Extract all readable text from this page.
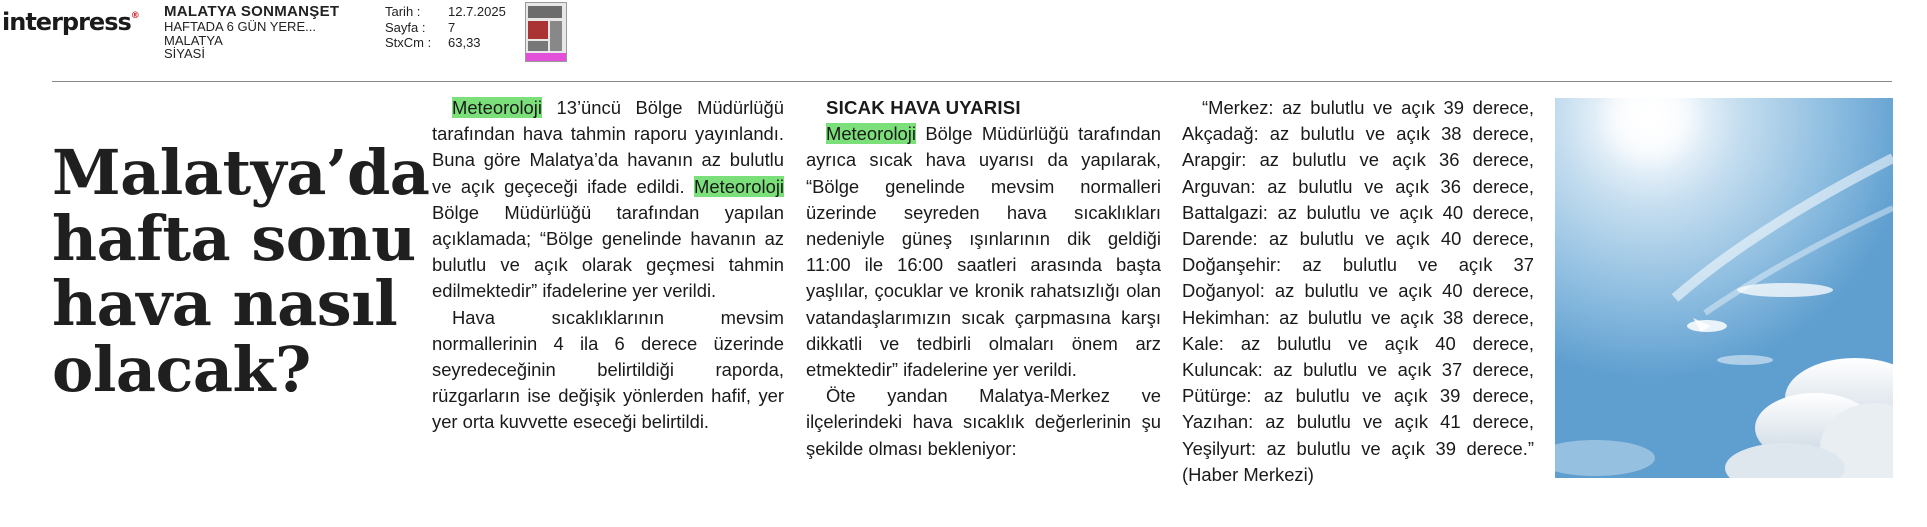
interpress® MALATYA SONMANŞET
HAFTADA 6 GÜN YERE...
MALATYA
SİYASİ
Tarih :	12.7.2025
Sayfa :	7
StxCm :	63,33
Malatya’da hafta sonu hava nasıl olacak?

Meteoroloji 13’üncü Bölge Müdürlüğü tarafından hava tahmin raporu yayınlandı. Buna göre Malatya’da havanın az bulutlu ve açık geçeceği ifade edildi. Meteoroloji Bölge Müdürlüğü tarafından yapılan açıklamada; “Bölge genelinde havanın az bulutlu ve açık olarak geçmesi tahmin edilmektedir” ifadelerine yer verildi.

Hava sıcaklıklarının mevsim normallerinin 4 ila 6 derece üzerinde seyredeceğinin belirtildiği raporda, rüzgarların ise değişik yönlerden hafif, yer yer orta kuvvette eseceği belirtildi.

SICAK HAVA UYARISI

Meteoroloji Bölge Müdürlüğü tarafından ayrıca sıcak hava uyarısı da yapılarak, “Bölge genelinde mevsim normalleri üzerinde seyreden hava sıcaklıkları nedeniyle güneş ışınlarının dik geldiği 11:00 ile 16:00 saatleri arasında başta yaşlılar, çocuklar ve kronik rahatsızlığı olan vatandaşlarımızın sıcak çarpmasına karşı dikkatli ve tedbirli olmaları önem arz etmektedir” ifadelerine yer verildi.

Öte yandan Malatya-Merkez ve ilçelerindeki hava sıcaklık değerlerinin şu şekilde olması bekleniyor:

“Merkez: az bulutlu ve açık 39 derece, Akçadağ: az bulutlu ve açık 38 derece, Arapgir: az bulutlu ve açık 36 derece, Arguvan: az bulutlu ve açık 36 derece, Battalgazi: az bulutlu ve açık 40 derece, Darende: az bulutlu ve açık 40 derece, Doğanşehir: az bulutlu ve açık 37 Doğanyol: az bulutlu ve açık 40 derece, Hekimhan: az bulutlu ve açık 38 derece, Kale: az bulutlu ve açık 40 derece, Kuluncak: az bulutlu ve açık 37 derece, Pütürge: az bulutlu ve açık 39 derece, Yazıhan: az bulutlu ve açık 41 derece, Yeşilyurt: az bulutlu ve açık 39 derece.” (Haber Merkezi)
